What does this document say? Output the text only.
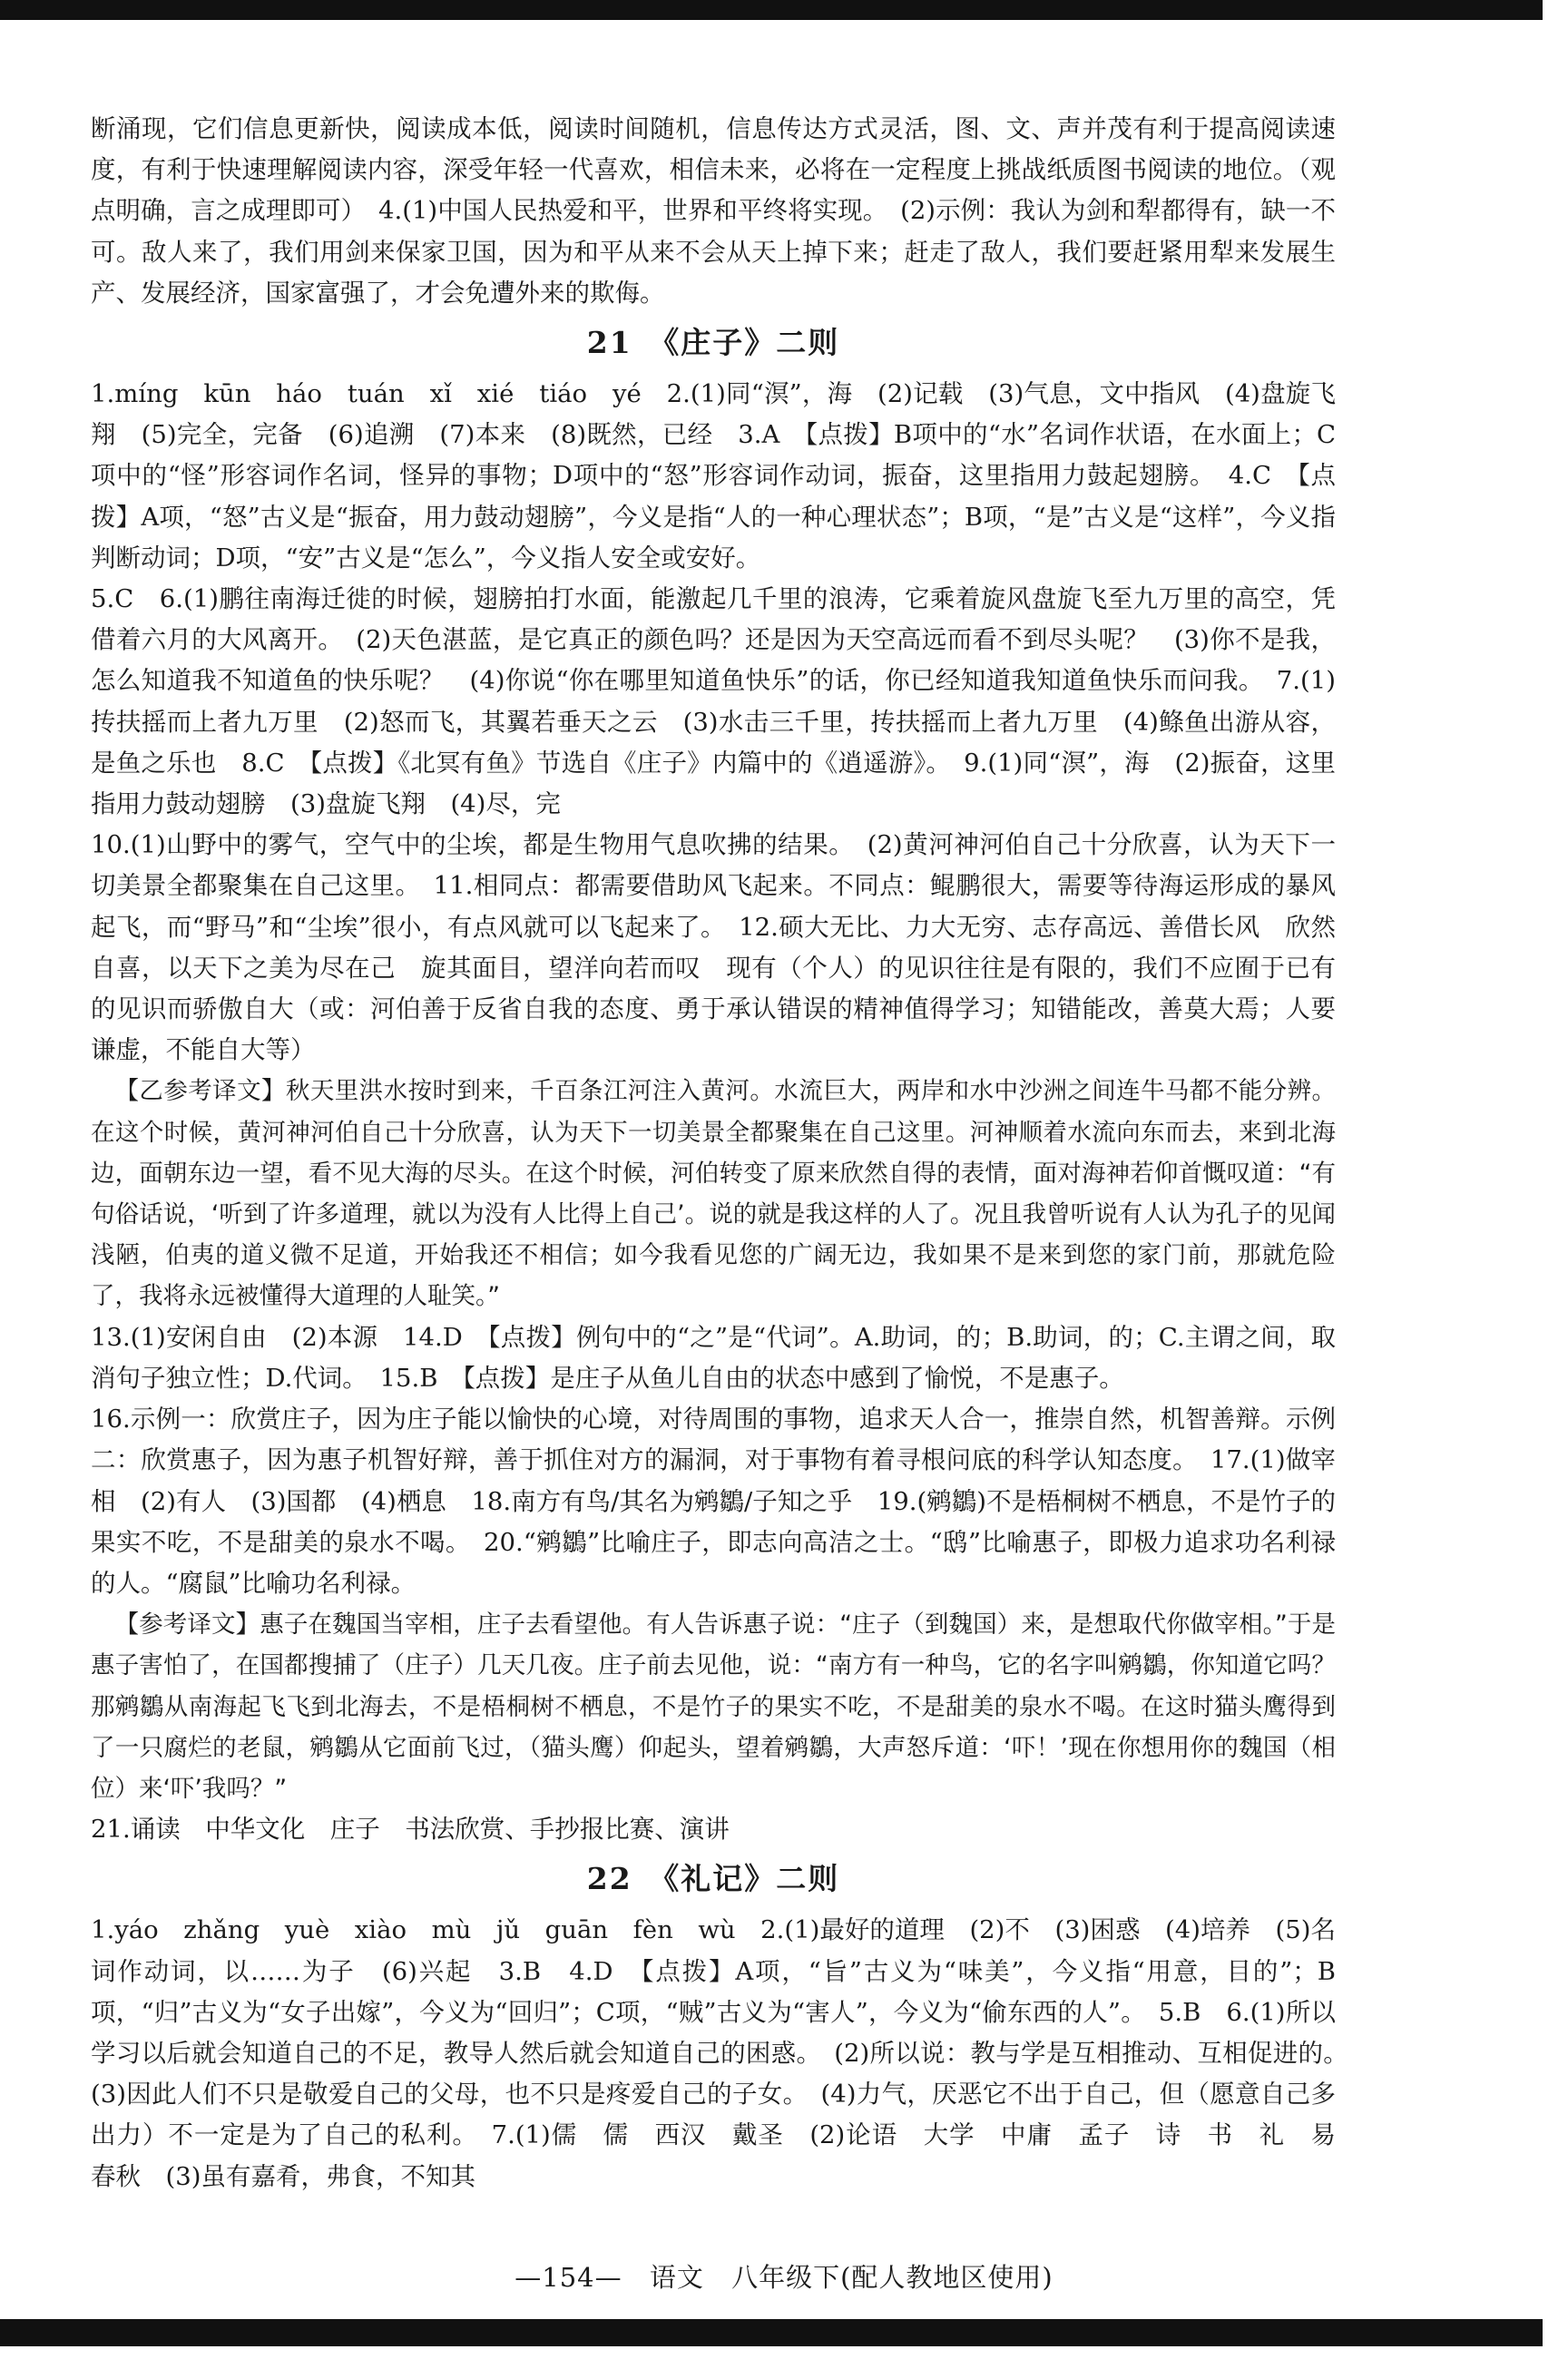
断涌现，它们信息更新快，阅读成本低，阅读时间随机，信息传达方式灵活，图、文、声并茂有利于提高阅读速度，有利于快速理解阅读内容，深受年轻一代喜欢，相信未来，必将在一定程度上挑战纸质图书阅读的地位。（观点明确，言之成理即可）　4.(1)中国人民热爱和平，世界和平终将实现。　(2)示例：我认为剑和犁都得有，缺一不可。敌人来了，我们用剑来保家卫国，因为和平从来不会从天上掉下来；赶走了敌人，我们要赶紧用犁来发展生产、发展经济，国家富强了，才会免遭外来的欺侮。

21　《庄子》二则

1.míng　kūn　háo　tuán　xǐ　xié　tiáo　yé　2.(1)同“溟”，海　(2)记载　(3)气息，文中指风　(4)盘旋飞翔　(5)完全，完备　(6)追溯　(7)本来　(8)既然，已经　3.A　【点拨】B项中的“水”名词作状语，在水面上；C项中的“怪”形容词作名词，怪异的事物；D项中的“怒”形容词作动词，振奋，这里指用力鼓起翅膀。　4.C　【点拨】A项，“怒”古义是“振奋，用力鼓动翅膀”，今义是指“人的一种心理状态”；B项，“是”古义是“这样”，今义指判断动词；D项，“安”古义是“怎么”，今义指人安全或安好。

5.C　6.(1)鹏往南海迁徙的时候，翅膀拍打水面，能激起几千里的浪涛，它乘着旋风盘旋飞至九万里的高空，凭借着六月的大风离开。　(2)天色湛蓝，是它真正的颜色吗？还是因为天空高远而看不到尽头呢？　(3)你不是我，怎么知道我不知道鱼的快乐呢？　(4)你说“你在哪里知道鱼快乐”的话，你已经知道我知道鱼快乐而问我。　7.(1)抟扶摇而上者九万里　(2)怒而飞，其翼若垂天之云　(3)水击三千里，抟扶摇而上者九万里　(4)鲦鱼出游从容，是鱼之乐也　8.C　【点拨】《北冥有鱼》节选自《庄子》内篇中的《逍遥游》。　9.(1)同“溟”，海　(2)振奋，这里指用力鼓动翅膀　(3)盘旋飞翔　(4)尽，完

10.(1)山野中的雾气，空气中的尘埃，都是生物用气息吹拂的结果。　(2)黄河神河伯自己十分欣喜，认为天下一切美景全都聚集在自己这里。　11.相同点：都需要借助风飞起来。不同点：鲲鹏很大，需要等待海运形成的暴风起飞，而“野马”和“尘埃”很小，有点风就可以飞起来了。　12.硕大无比、力大无穷、志存高远、善借长风　欣然自喜，以天下之美为尽在己　旋其面目，望洋向若而叹　现有（个人）的见识往往是有限的，我们不应囿于已有的见识而骄傲自大（或：河伯善于反省自我的态度、勇于承认错误的精神值得学习；知错能改，善莫大焉；人要谦虚，不能自大等）

【乙参考译文】秋天里洪水按时到来，千百条江河注入黄河。水流巨大，两岸和水中沙洲之间连牛马都不能分辨。在这个时候，黄河神河伯自己十分欣喜，认为天下一切美景全都聚集在自己这里。河神顺着水流向东而去，来到北海边，面朝东边一望，看不见大海的尽头。在这个时候，河伯转变了原来欣然自得的表情，面对海神若仰首慨叹道：“有句俗话说，‘听到了许多道理，就以为没有人比得上自己’。说的就是我这样的人了。况且我曾听说有人认为孔子的见闻浅陋，伯夷的道义微不足道，开始我还不相信；如今我看见您的广阔无边，我如果不是来到您的家门前，那就危险了，我将永远被懂得大道理的人耻笑。”

13.(1)安闲自由　(2)本源　14.D　【点拨】例句中的“之”是“代词”。A.助词，的；B.助词，的；C.主谓之间，取消句子独立性；D.代词。　15.B　【点拨】是庄子从鱼儿自由的状态中感到了愉悦，不是惠子。

16.示例一：欣赏庄子，因为庄子能以愉快的心境，对待周围的事物，追求天人合一，推崇自然，机智善辩。示例二：欣赏惠子，因为惠子机智好辩，善于抓住对方的漏洞，对于事物有着寻根问底的科学认知态度。　17.(1)做宰相　(2)有人　(3)国都　(4)栖息　18.南方有鸟/其名为鹓鶵/子知之乎　19.(鹓鶵)不是梧桐树不栖息，不是竹子的果实不吃，不是甜美的泉水不喝。　20.“鹓鶵”比喻庄子，即志向高洁之士。“鸱”比喻惠子，即极力追求功名利禄的人。“腐鼠”比喻功名利禄。

【参考译文】惠子在魏国当宰相，庄子去看望他。有人告诉惠子说：“庄子（到魏国）来，是想取代你做宰相。”于是惠子害怕了，在国都搜捕了（庄子）几天几夜。庄子前去见他，说：“南方有一种鸟，它的名字叫鹓鶵，你知道它吗？那鹓鶵从南海起飞飞到北海去，不是梧桐树不栖息，不是竹子的果实不吃，不是甜美的泉水不喝。在这时猫头鹰得到了一只腐烂的老鼠，鹓鶵从它面前飞过，（猫头鹰）仰起头，望着鹓鶵，大声怒斥道：‘吓！’现在你想用你的魏国（相位）来‘吓’我吗？”

21.诵读　中华文化　庄子　书法欣赏、手抄报比赛、演讲

22　《礼记》二则

1.yáo　zhǎng　yuè　xiào　mù　jǔ　guān　fèn　wù　2.(1)最好的道理　(2)不　(3)困惑　(4)培养　(5)名词作动词，以……为子　(6)兴起　3.B　4.D　【点拨】A项，“旨”古义为“味美”，今义指“用意，目的”；B项，“归”古义为“女子出嫁”，今义为“回归”；C项，“贼”古义为“害人”，今义为“偷东西的人”。　5.B　6.(1)所以学习以后就会知道自己的不足，教导人然后就会知道自己的困惑。　(2)所以说：教与学是互相推动、互相促进的。　(3)因此人们不只是敬爱自己的父母，也不只是疼爱自己的子女。　(4)力气，厌恶它不出于自己，但（愿意自己多出力）不一定是为了自己的私利。　7.(1)儒　儒　西汉　戴圣　(2)论语　大学　中庸　孟子　诗　书　礼　易　春秋　(3)虽有嘉肴，弗食，不知其

—154— 语文 八年级下(配人教地区使用)
